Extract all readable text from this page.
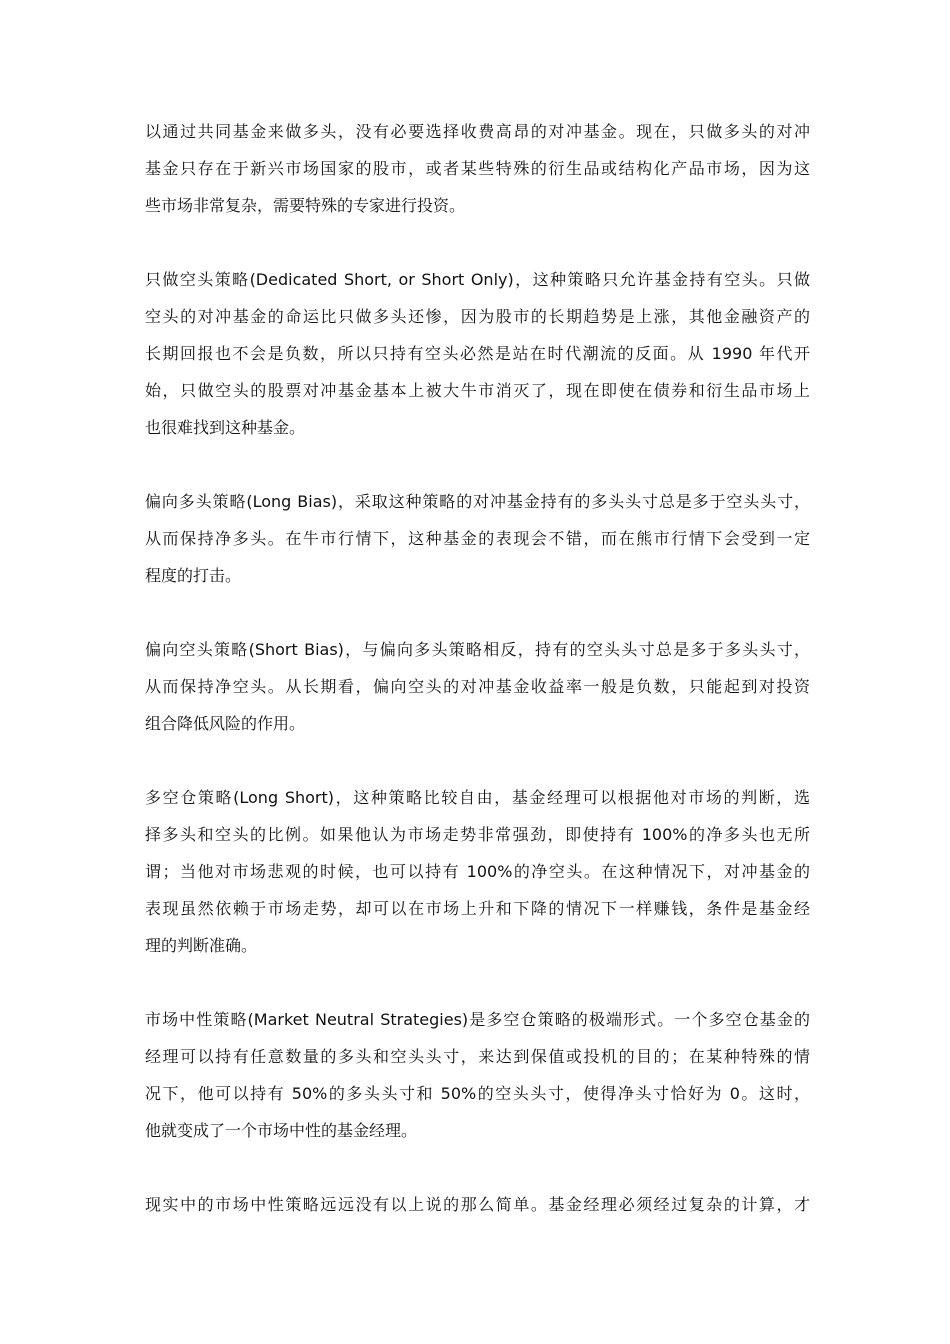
以通过共同基金来做多头，没有必要选择收费高昂的对冲基金。现在，只做多头的对冲
基金只存在于新兴市场国家的股市，或者某些特殊的衍生品或结构化产品市场，因为这
些市场非常复杂，需要特殊的专家进行投资。

只做空头策略(Dedicated Short, or Short Only)，这种策略只允许基金持有空头。只做
空头的对冲基金的命运比只做多头还惨，因为股市的长期趋势是上涨，其他金融资产的
长期回报也不会是负数，所以只持有空头必然是站在时代潮流的反面。从 1990 年代开
始，只做空头的股票对冲基金基本上被大牛市消灭了，现在即使在债券和衍生品市场上
也很难找到这种基金。

偏向多头策略(Long Bias)，采取这种策略的对冲基金持有的多头头寸总是多于空头头寸，
从而保持净多头。在牛市行情下，这种基金的表现会不错，而在熊市行情下会受到一定
程度的打击。

偏向空头策略(Short Bias)，与偏向多头策略相反，持有的空头头寸总是多于多头头寸，
从而保持净空头。从长期看，偏向空头的对冲基金收益率一般是负数，只能起到对投资
组合降低风险的作用。

多空仓策略(Long Short)，这种策略比较自由，基金经理可以根据他对市场的判断，选
择多头和空头的比例。如果他认为市场走势非常强劲，即使持有 100%的净多头也无所
谓；当他对市场悲观的时候，也可以持有 100%的净空头。在这种情况下，对冲基金的
表现虽然依赖于市场走势，却可以在市场上升和下降的情况下一样赚钱，条件是基金经
理的判断准确。

市场中性策略(Market Neutral Strategies)是多空仓策略的极端形式。一个多空仓基金的
经理可以持有任意数量的多头和空头头寸，来达到保值或投机的目的；在某种特殊的情
况下，他可以持有 50%的多头头寸和 50%的空头头寸，使得净头寸恰好为 0。这时，
他就变成了一个市场中性的基金经理。

现实中的市场中性策略远远没有以上说的那么简单。基金经理必须经过复杂的计算，才
